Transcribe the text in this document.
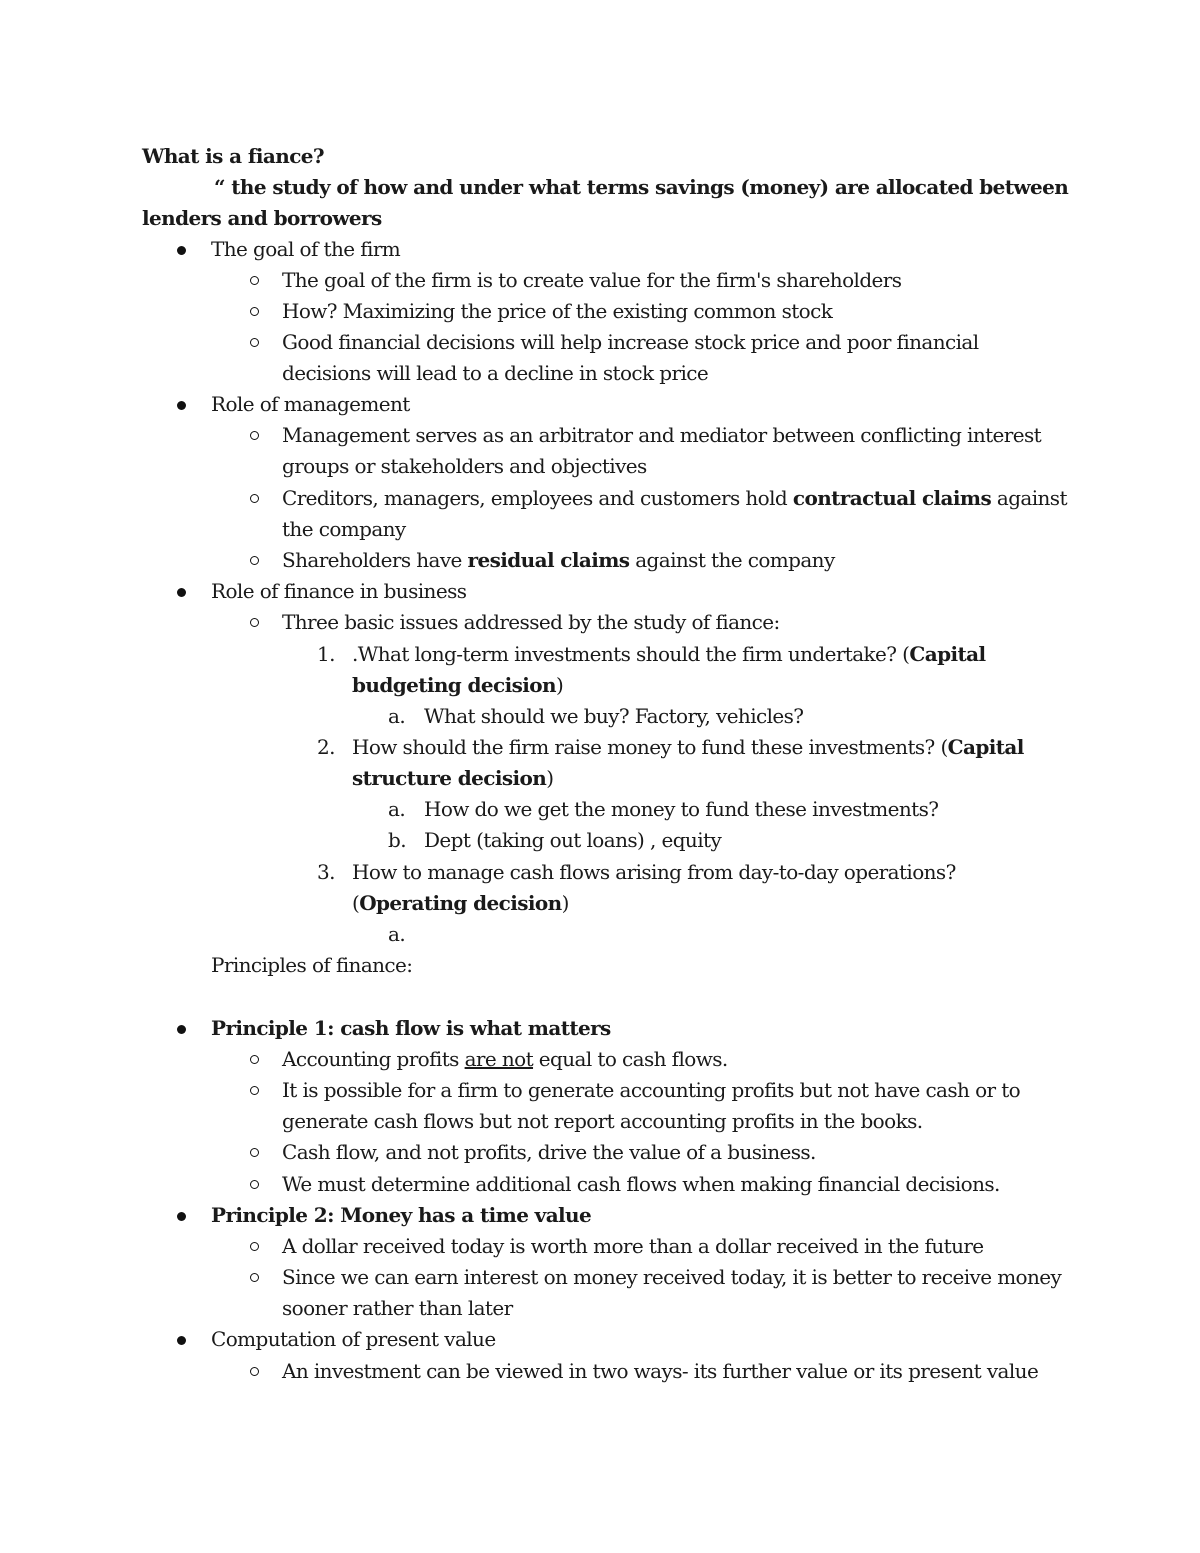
What is a fiance?
“ the study of how and under what terms savings (money) are allocated between
lenders and borrowers
The goal of the firm
The goal of the firm is to create value for the firm's shareholders
How? Maximizing the price of the existing common stock
Good financial decisions will help increase stock price and poor financial
decisions will lead to a decline in stock price
Role of management
Management serves as an arbitrator and mediator between conflicting interest
groups or stakeholders and objectives
Creditors, managers, employees and customers hold contractual claims against
the company
Shareholders have residual claims against the company
Role of finance in business
Three basic issues addressed by the study of fiance:
1. .What long-term investments should the firm undertake? (Capital
budgeting decision)
a. What should we buy? Factory, vehicles?
2. How should the firm raise money to fund these investments? (Capital
structure decision)
a. How do we get the money to fund these investments?
b. Dept (taking out loans) , equity
3. How to manage cash flows arising from day-to-day operations?
(Operating decision)
a.
Principles of finance:
Principle 1: cash flow is what matters
Accounting profits are not equal to cash flows.
It is possible for a firm to generate accounting profits but not have cash or to
generate cash flows but not report accounting profits in the books.
Cash flow, and not profits, drive the value of a business.
We must determine additional cash flows when making financial decisions.
Principle 2: Money has a time value
A dollar received today is worth more than a dollar received in the future
Since we can earn interest on money received today, it is better to receive money
sooner rather than later
Computation of present value
An investment can be viewed in two ways- its further value or its present value
